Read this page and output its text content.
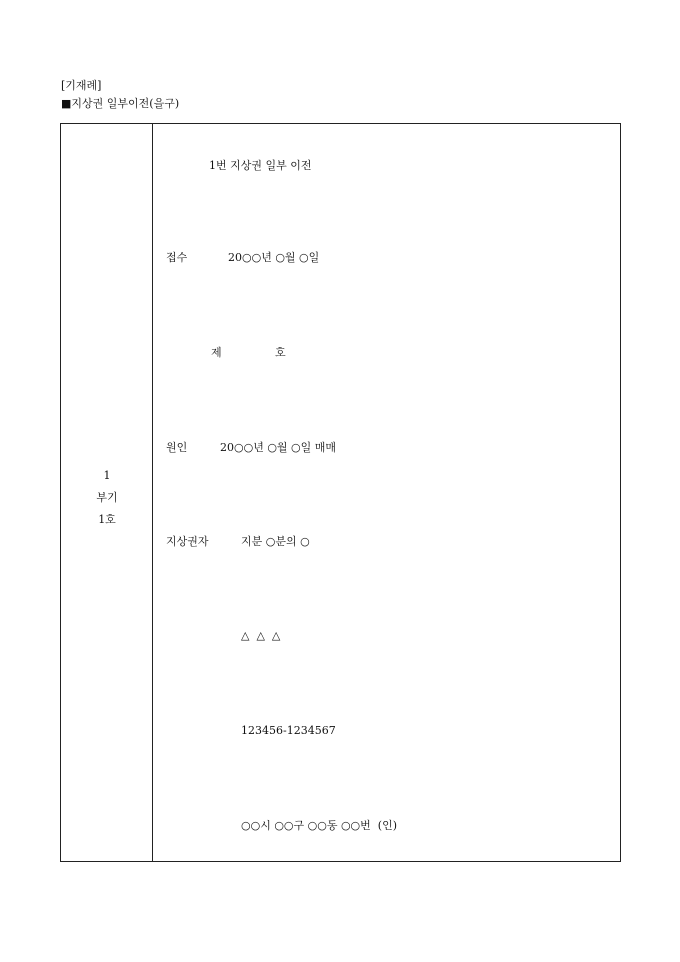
[기재례]
■지상권 일부이전(을구)
1
부기
1호
1번 지상권 일부 이전
접수	20○○년 ○월 ○일
제	호
원인	20○○년 ○월 ○일 매매
지상권자	지분 ○분의 ○
△  △  △
123456-1234567
○○시 ○○구 ○○동 ○○번  (인)
